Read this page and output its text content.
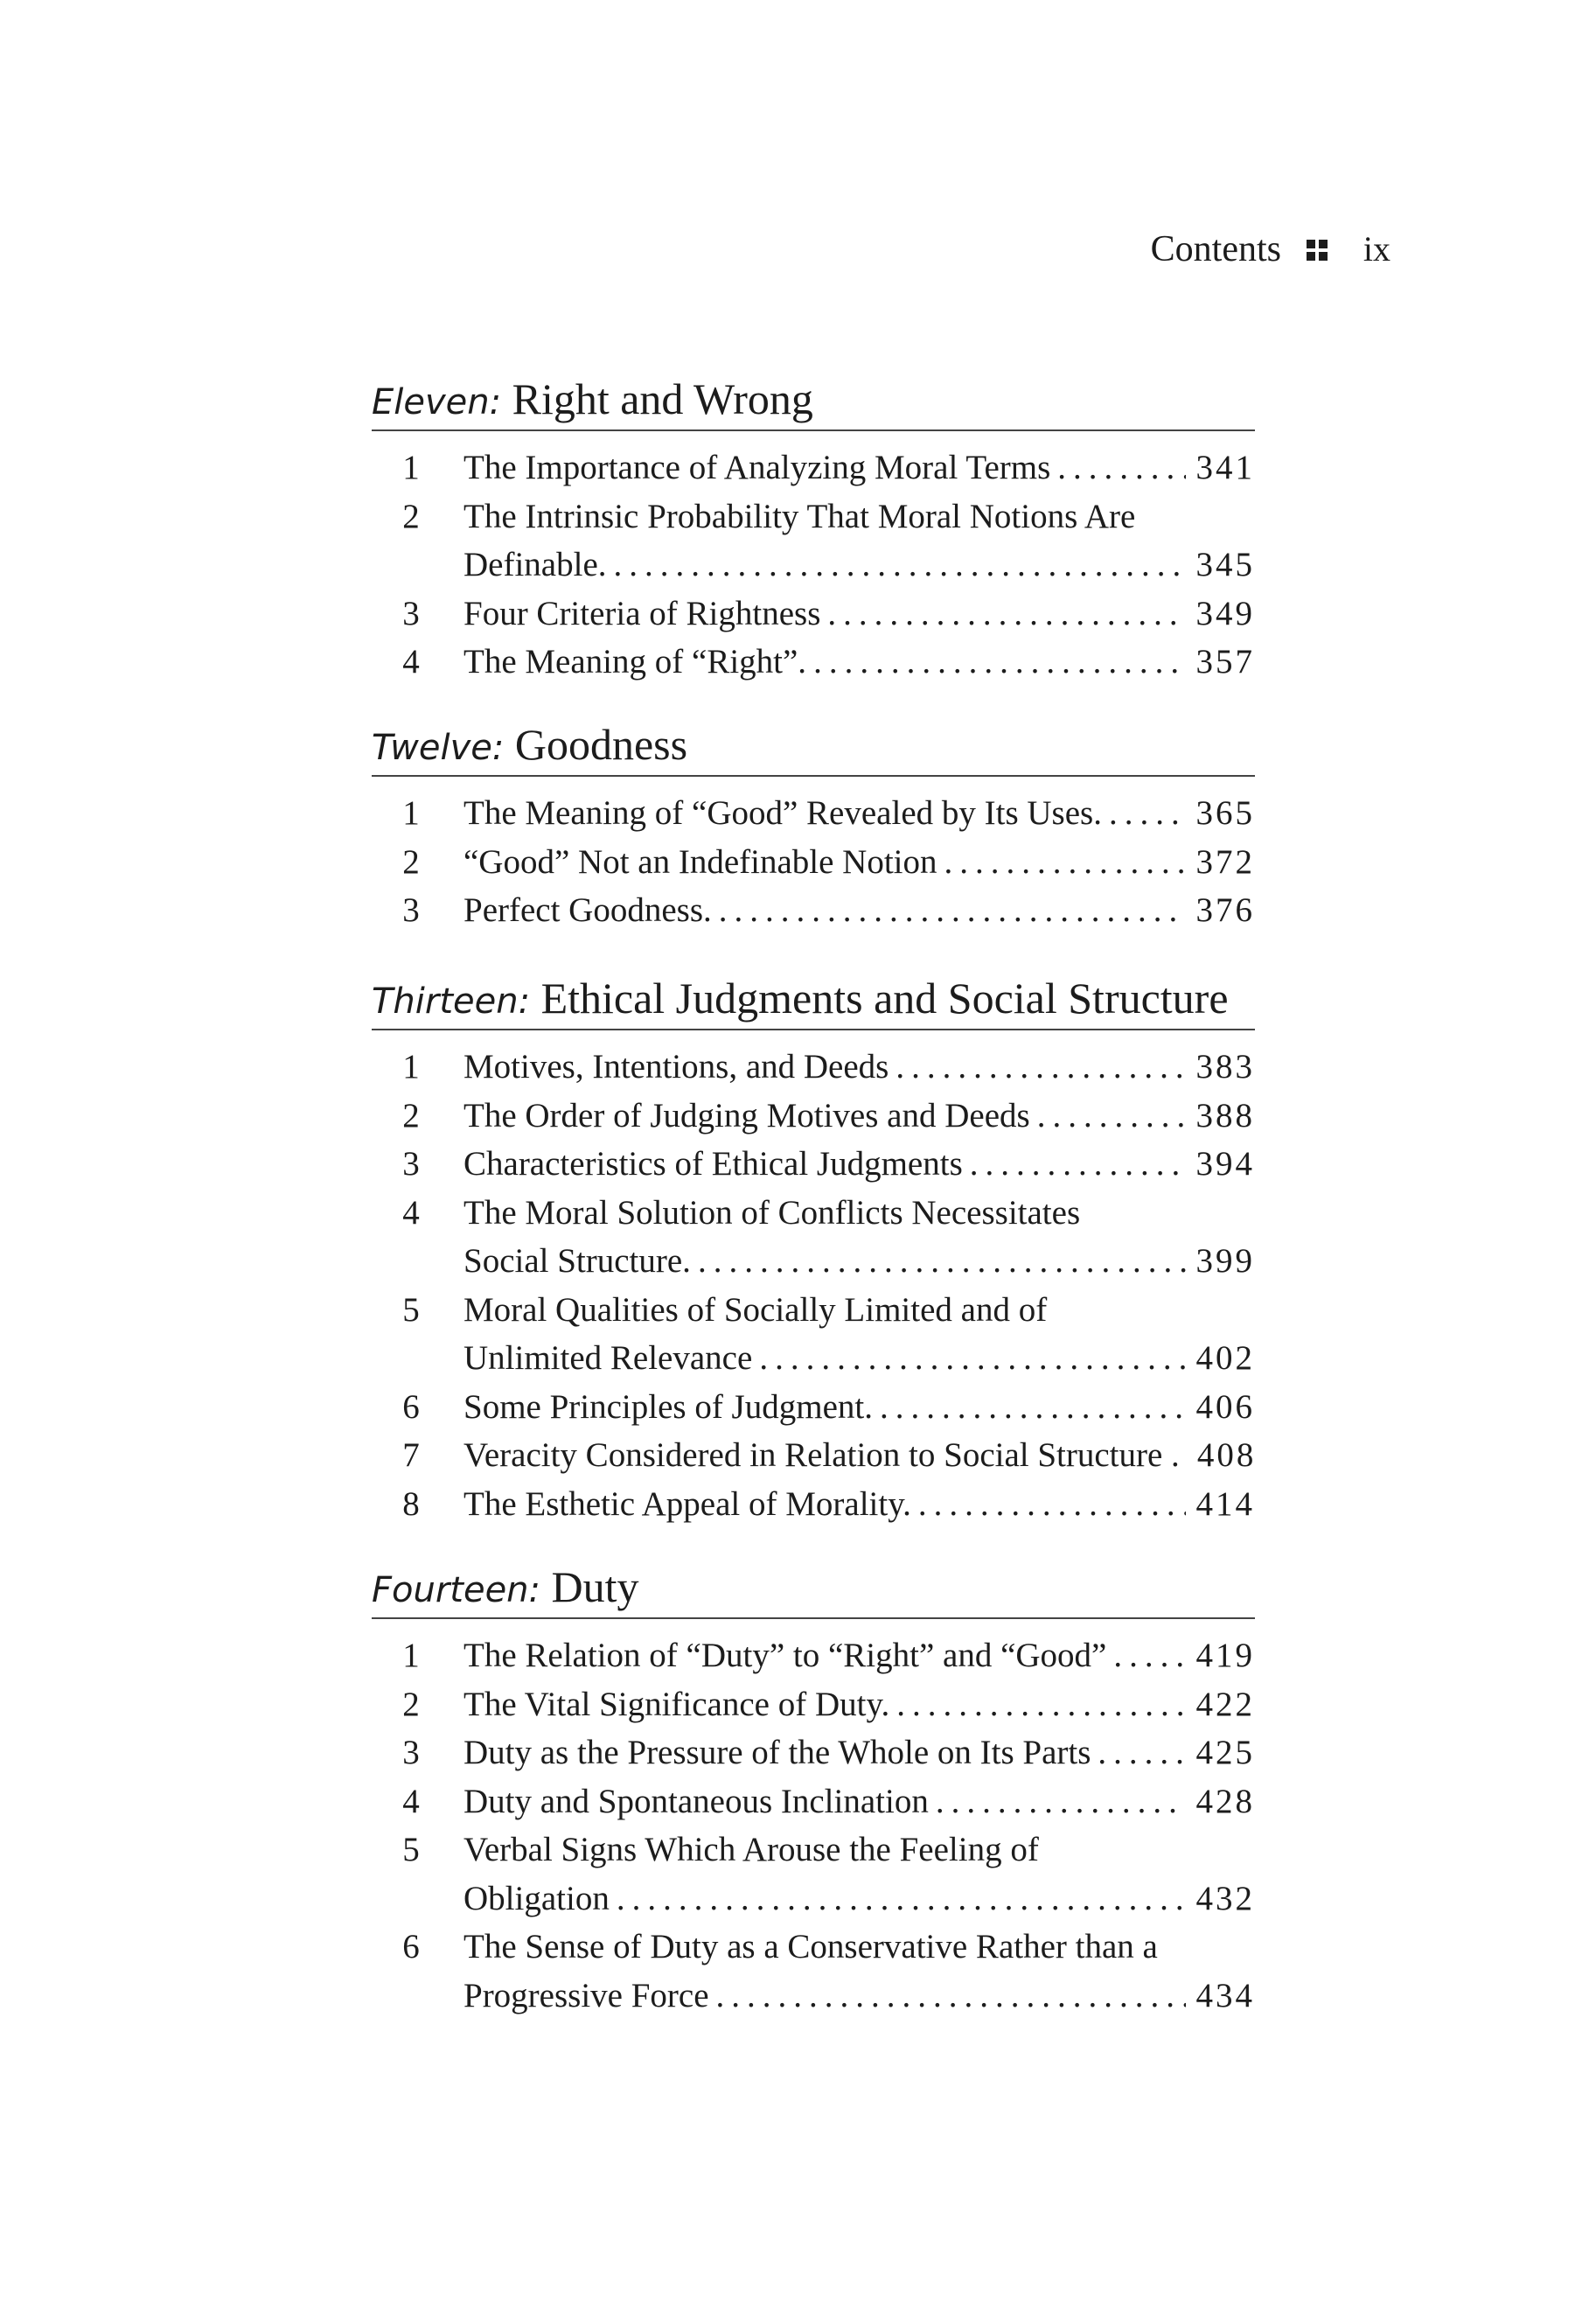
Contents ix
Eleven: Right and Wrong
1 The Importance of Analyzing Moral Terms .....	341
2 The Intrinsic Probability That Moral Notions Are
Definable. .....	345
3 Four Criteria of Rightness .....	349
4 The Meaning of “Right”. .....	357
Twelve: Goodness
1 The Meaning of “Good” Revealed by Its Uses. .....	365
2 “Good” Not an Indefinable Notion .....	372
3 Perfect Goodness. .....	376
Thirteen: Ethical Judgments and Social Structure
1 Motives, Intentions, and Deeds .....	383
2 The Order of Judging Motives and Deeds .....	388
3 Characteristics of Ethical Judgments .....	394
4 The Moral Solution of Conflicts Necessitates
Social Structure. .....	399
5 Moral Qualities of Socially Limited and of
Unlimited Relevance .....	402
6 Some Principles of Judgment. .....	406
7 Veracity Considered in Relation to Social Structure . ..... 408
8 The Esthetic Appeal of Morality. .....	414
Fourteen: Duty
1 The Relation of “Duty” to “Right” and “Good” .....	419
2 The Vital Significance of Duty. .....	422
3 Duty as the Pressure of the Whole on Its Parts .....	425
4 Duty and Spontaneous Inclination .....	428
5 Verbal Signs Which Arouse the Feeling of
Obligation .....	432
6 The Sense of Duty as a Conservative Rather than a
Progressive Force .....	434
